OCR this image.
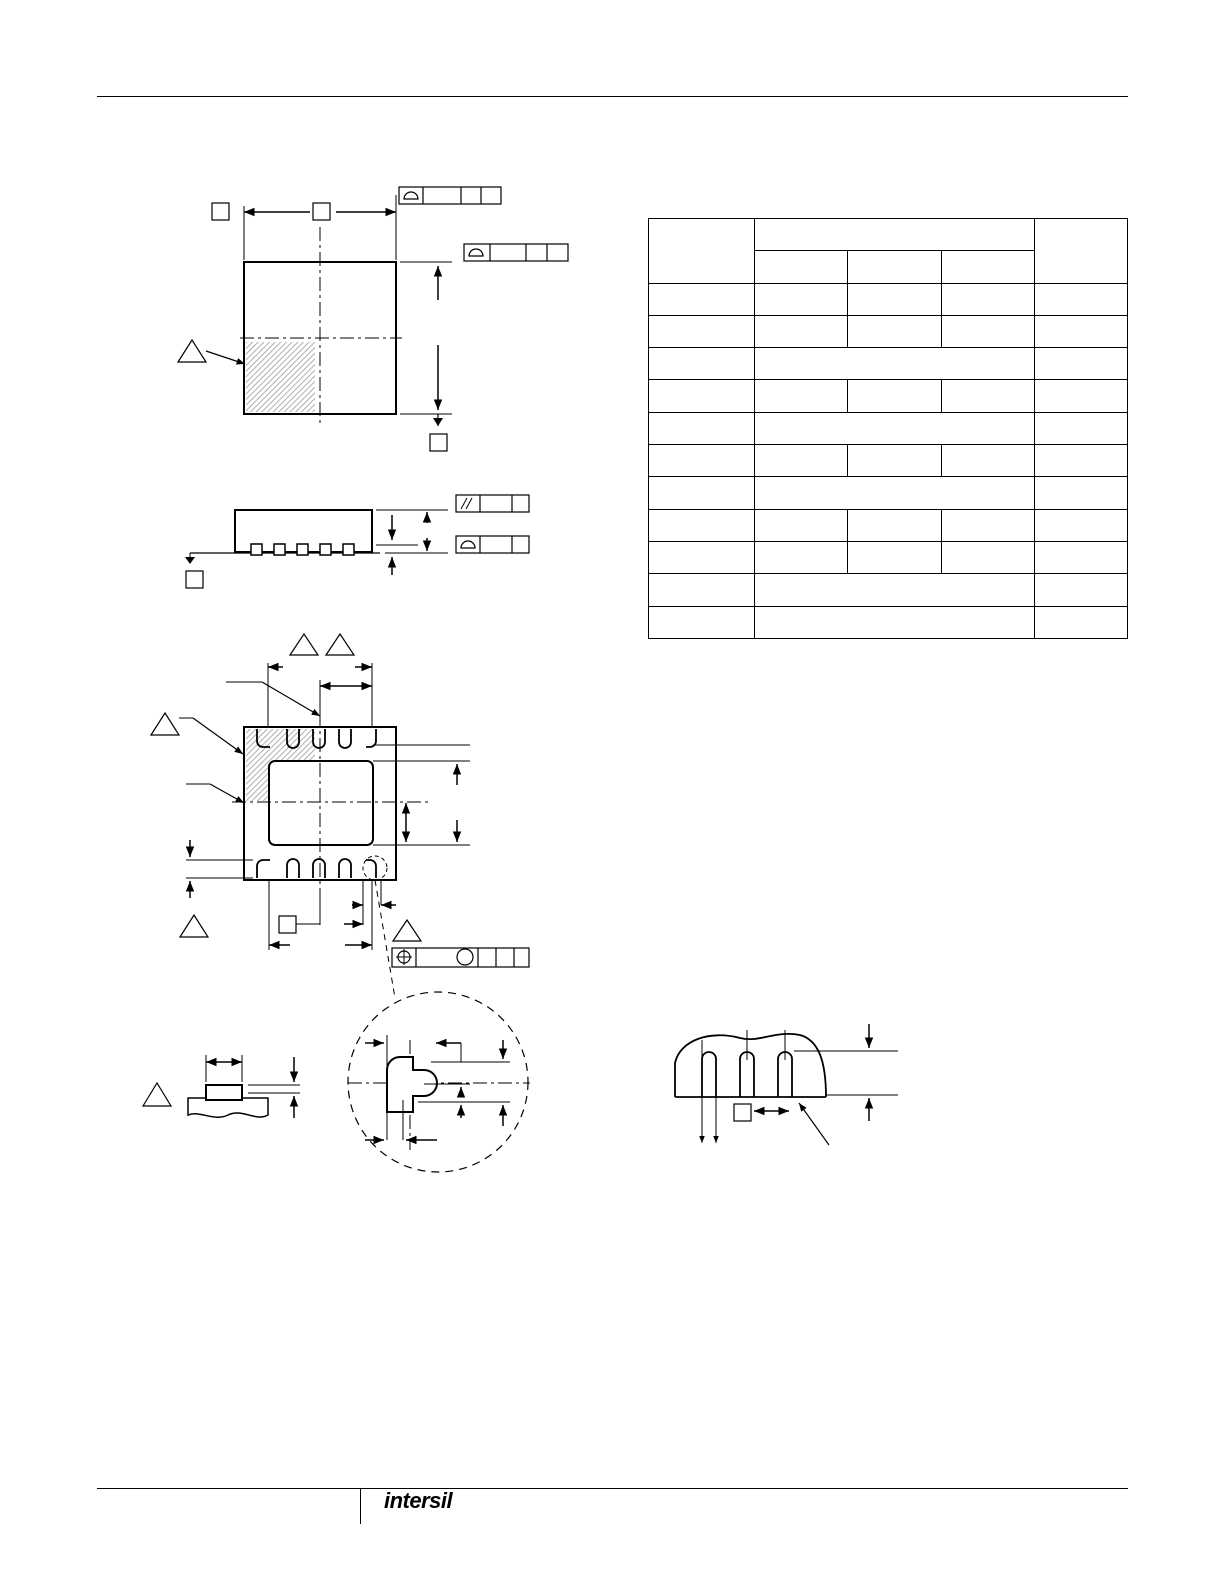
intersil
